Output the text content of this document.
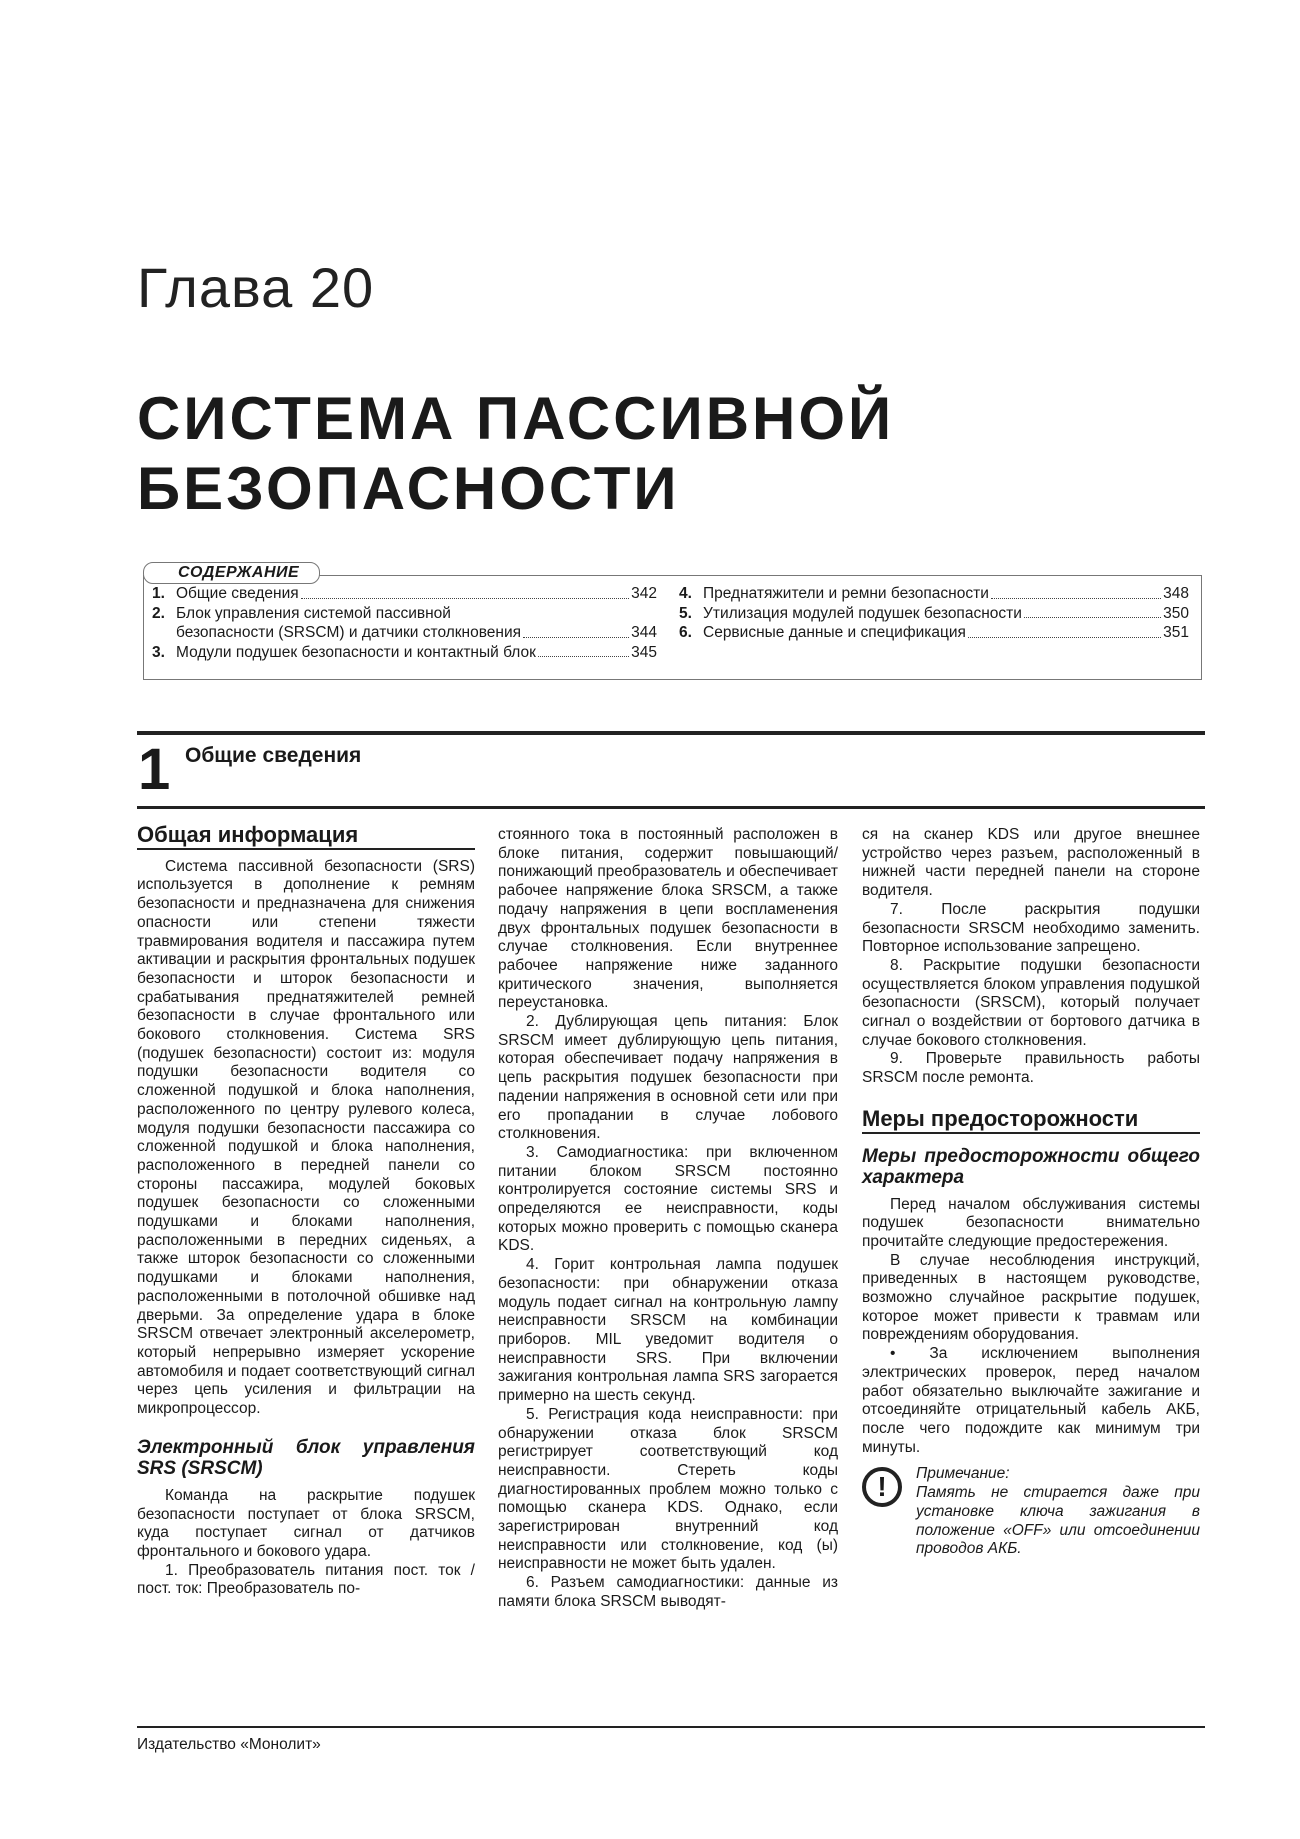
Глава 20
СИСТЕМА ПАССИВНОЙ
БЕЗОПАСНОСТИ
1. Общие сведения	342
2. Блок управления системой пассивной
безопасности (SRSCM) и датчики столкновения	344
3. Модули подушек безопасности и контактный блок	345
4. Преднатяжители и ремни безопасности	348
5. Утилизация модулей подушек безопасности	350
6. Сервисные данные и спецификация	351
СОДЕРЖАНИЕ
1 Общие сведения
Общая информация

Система пассивной безопасности (SRS) используется в дополнение к ремням безопасности и предназначена для снижения опасности или степени тяжести травмирования водителя и пассажира путем активации и раскрытия фронтальных подушек безопасности и шторок безопасности и срабатывания преднатяжителей ремней безопасности в случае фронтального или бокового столкновения. Система SRS (подушек безопасности) состоит из: модуля подушки безопасности водителя со сложенной подушкой и блока наполнения, расположенного по центру рулевого колеса, модуля подушки безопасности пассажира со сложенной подушкой и блока наполнения, расположенного в передней панели со стороны пассажира, модулей боковых подушек безопасности со сложенными подушками и блоками наполнения, расположенными в передних сиденьях, а также шторок безопасности со сложенными подушками и блоками наполнения, расположенными в потолочной обшивке над дверьми. За определение удара в блоке SRSCM отвечает электронный акселерометр, который непрерывно измеряет ускорение автомобиля и подает соответствующий сигнал через цепь усиления и фильтрации на микропроцессор.

Электронный блок управления SRS (SRSCM)

Команда на раскрытие подушек безопасности поступает от блока SRSCM, куда поступает сигнал от датчиков фронтального и бокового удара.

1. Преобразователь питания пост. ток / пост. ток: Преобразователь по-

стоянного тока в постоянный расположен в блоке питания, содержит повышающий/понижающий преобразователь и обеспечивает рабочее напряжение блока SRSCM, а также подачу напряжения в цепи воспламенения двух фронтальных подушек безопасности в случае столкновения. Если внутреннее рабочее напряжение ниже заданного критического значения, выполняется переустановка.

2. Дублирующая цепь питания: Блок SRSCM имеет дублирующую цепь питания, которая обеспечивает подачу напряжения в цепь раскрытия подушек безопасности при падении напряжения в основной сети или при его пропадании в случае лобового столкновения.

3. Самодиагностика: при включенном питании блоком SRSCM постоянно контролируется состояние системы SRS и определяются ее неисправности, коды которых можно проверить с помощью сканера KDS.

4. Горит контрольная лампа подушек безопасности: при обнаружении отказа модуль подает сигнал на контрольную лампу неисправности SRSCM на комбинации приборов. MIL уведомит водителя о неисправности SRS. При включении зажигания контрольная лампа SRS загорается примерно на шесть секунд.

5. Регистрация кода неисправности: при обнаружении отказа блок SRSCM регистрирует соответствующий код неисправности. Стереть коды диагностированных проблем можно только с помощью сканера KDS. Однако, если зарегистрирован внутренний код неисправности или столкновение, код (ы) неисправности не может быть удален.

6. Разъем самодиагностики: данные из памяти блока SRSCM выводят-

ся на сканер KDS или другое внешнее устройство через разъем, расположенный в нижней части передней панели на стороне водителя.

7. После раскрытия подушки безопасности SRSCM необходимо заменить. Повторное использование запрещено.

8. Раскрытие подушки безопасности осуществляется блоком управления подушкой безопасности (SRSCM), который получает сигнал о воздействии от бортового датчика в случае бокового столкновения.

9. Проверьте правильность работы SRSCM после ремонта.

Меры предосторожности
Меры предосторожности общего характера

Перед началом обслуживания системы подушек безопасности внимательно прочитайте следующие предостережения.

В случае несоблюдения инструкций, приведенных в настоящем руководстве, возможно случайное раскрытие подушек, которое может привести к травмам или повреждениям оборудования.

• За исключением выполнения электрических проверок, перед началом работ обязательно выключайте зажигание и отсоединяйте отрицательный кабель АКБ, после чего подождите как минимум три минуты.

!	Примечание:
Память не стирается даже при установке ключа зажигания в положение «OFF» или отсоединении проводов АКБ.
Издательство «Монолит»
